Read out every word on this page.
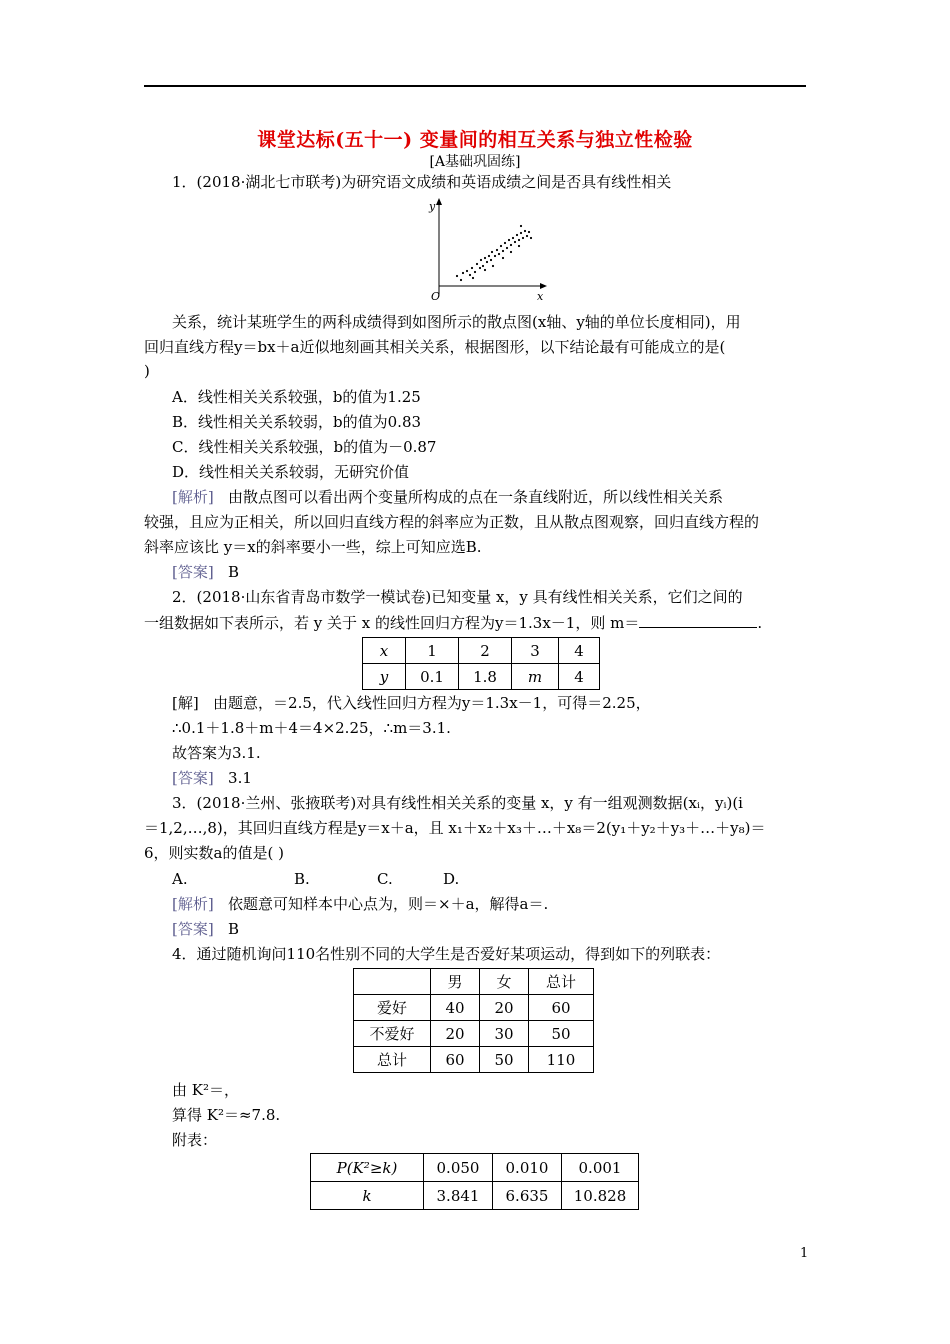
课堂达标(五十一) 变量间的相互关系与独立性检验
[A基础巩固练]
1．(2018·湖北七市联考)为研究语文成绩和英语成绩之间是否具有线性相关
y
x
O
关系，统计某班学生的两科成绩得到如图所示的散点图(x轴、y轴的单位长度相同)，用
回归直线方程y＝bx＋a近似地刻画其相关关系，根据图形，以下结论最有可能成立的是(
)
A．线性相关关系较强，b的值为1.25
B．线性相关关系较弱，b的值为0.83
C．线性相关关系较强，b的值为－0.87
D．线性相关关系较弱，无研究价值
[解析] 由散点图可以看出两个变量所构成的点在一条直线附近，所以线性相关关系
较强，且应为正相关，所以回归直线方程的斜率应为正数，且从散点图观察，回归直线方程的
斜率应该比 y＝x的斜率要小一些，综上可知应选B.
[答案] B
2．(2018·山东省青岛市数学一模试卷)已知变量 x，y 具有线性相关关系，它们之间的
一组数据如下表所示，若 y 关于 x 的线性回归方程为y＝1.3x－1，则 m＝	.
x	1	2	3	4
y	0.1	1.8	m	4
[解] 由题意，＝2.5，代入线性回归方程为y＝1.3x－1，可得＝2.25，
∴0.1＋1.8＋m＋4＝4×2.25，∴m＝3.1.
故答案为3.1.
[答案] 3.1
3．(2018·兰州、张掖联考)对具有线性相关关系的变量 x，y 有一组观测数据(xᵢ，yᵢ)(i
＝1,2,…,8)，其回归直线方程是y＝x＋a，且 x₁＋x₂＋x₃＋…＋x₈＝2(y₁＋y₂＋y₃＋…＋y₈)＝
6，则实数a的值是( )
A.	B.	C.	D.
[解析] 依题意可知样本中心点为，则＝×＋a，解得a＝.
[答案] B
4．通过随机询问110名性别不同的大学生是否爱好某项运动，得到如下的列联表：
	男	女	总计
爱好	40	20	60
不爱好	20	30	50
总计	60	50	110
由 K²＝，
算得 K²＝≈7.8.
附表：
P(K²≥k)	0.050	0.010	0.001
k	3.841	6.635	10.828
1
